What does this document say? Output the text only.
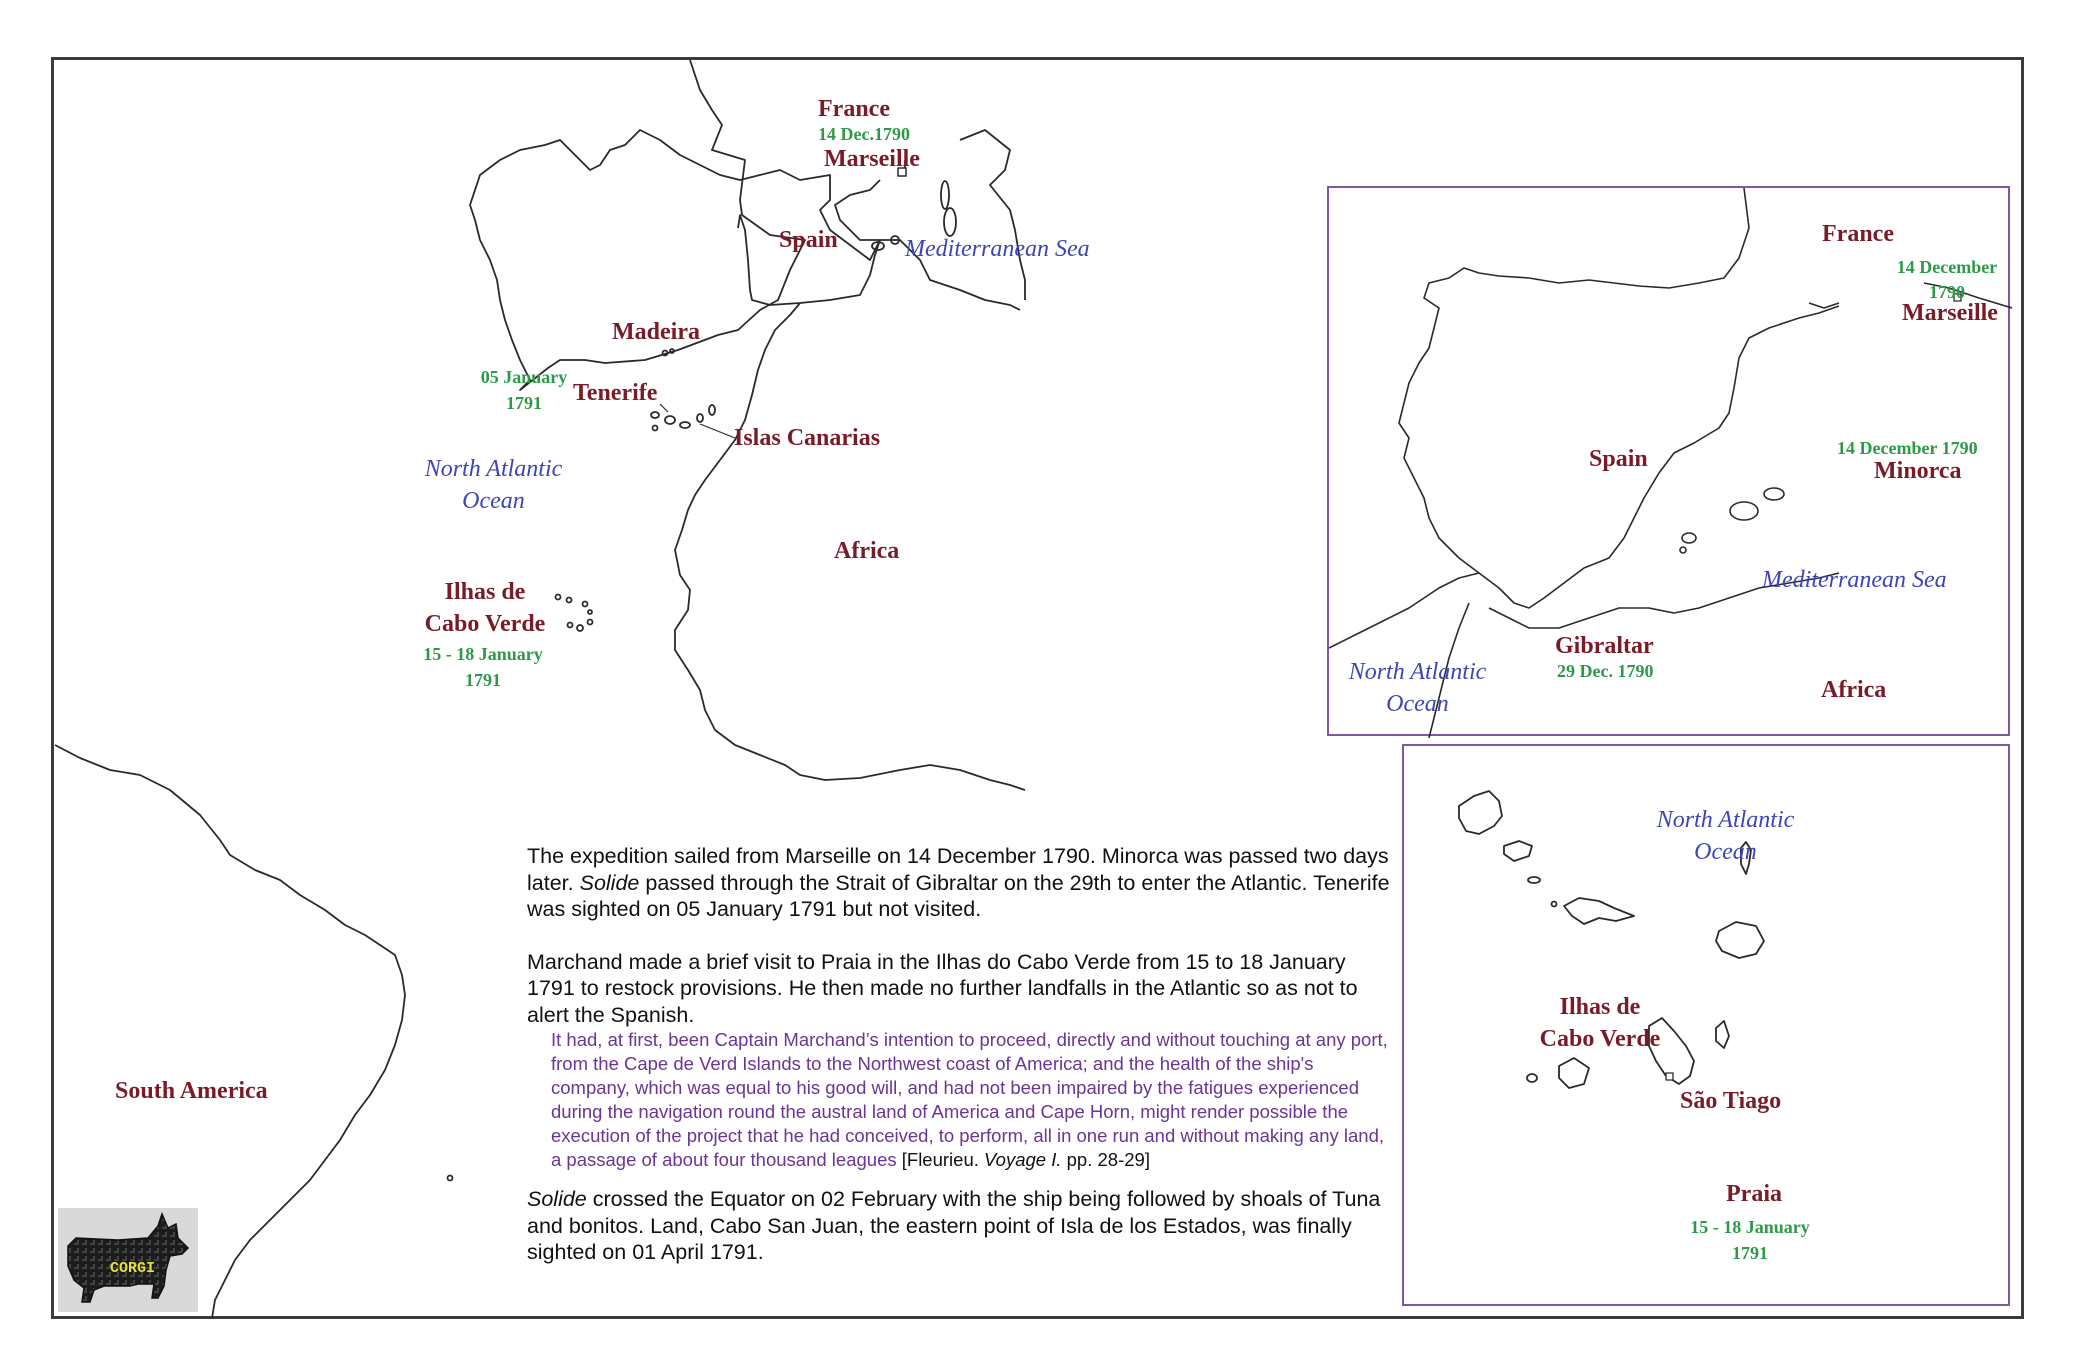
France
14 Dec.1790
Marseille
Spain	Mediterranean Sea
Madeira
05 January
1791	Tenerife
Islas Canarias
North Atlantic
Ocean
Africa
Ilhas de
Cabo Verde
15 - 18 January
1791
South America
France
14 December
1790
Marseille
Spain	14 December 1790
Minorca
Mediterranean Sea
Gibraltar
29 Dec. 1790
North Atlantic
Ocean
Africa
North Atlantic
Ocean
Ilhas de
Cabo Verde
São Tiago
Praia
15 - 18 January
1791

The expedition sailed from Marseille on 14 December 1790. Minorca was passed two days later. Solide passed through the Strait of Gibraltar on the 29th to enter the Atlantic. Tenerife was sighted on 05 January 1791 but not visited.

Marchand made a brief visit to Praia in the Ilhas do Cabo Verde from 15 to 18 January 1791 to restock provisions. He then made no further landfalls in the Atlantic so as not to alert the Spanish.

It had, at first, been Captain Marchand’s intention to proceed, directly and without touching at any port, from the Cape de Verd Islands to the Northwest coast of America; and the health of the ship's company, which was equal to his good will, and had not been impaired by the fatigues experienced during the navigation round the austral land of America and Cape Horn, might render possible the execution of the project that he had conceived, to perform, all in one run and without making any land, a passage of about four thousand leagues [Fleurieu. Voyage I. pp. 28-29]

Solide crossed the Equator on 02 February with the ship being followed by shoals of Tuna and bonitos. Land, Cabo San Juan, the eastern point of Isla de los Estados, was finally sighted on 01 April 1791.

CORGI
